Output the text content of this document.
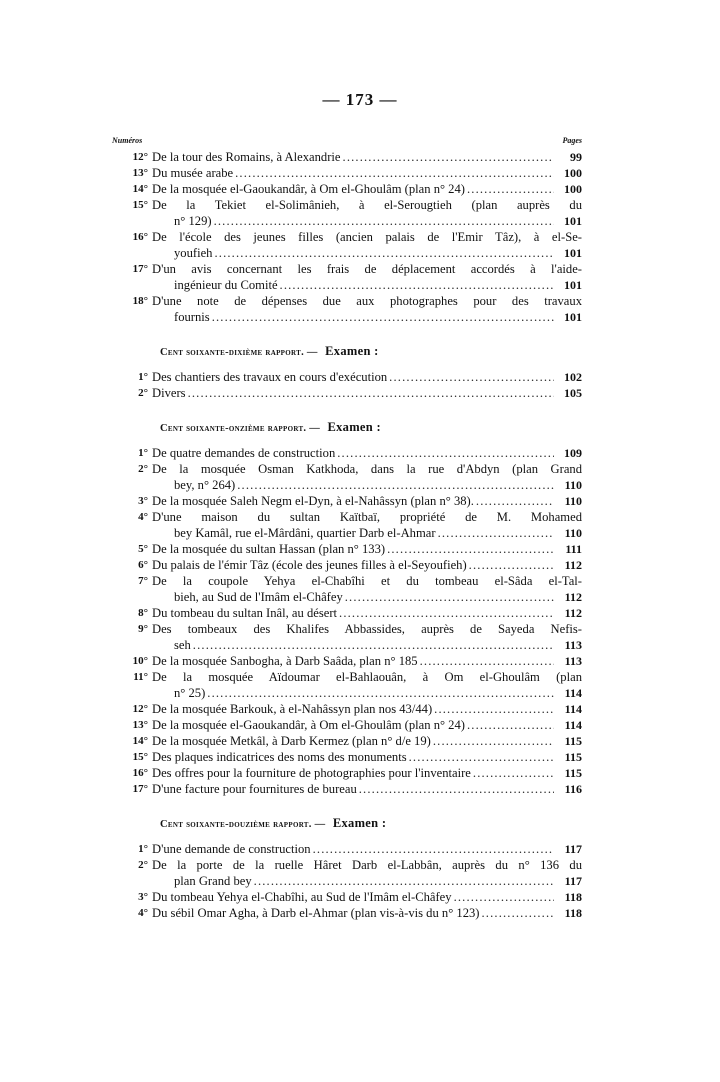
— 173 —
Numéros	Pages
12° De la tour des Romains, à Alexandrie . . .	99
13° Du musée arabe . . .	100
14° De la mosquée el-Gaoukandâr, à Om el-Ghoulâm (plan n° 24) . . .	100
15° De la Tekiet el-Solimânieh, à el-Serougtieh (plan auprès du
n° 129) . . .	101
16° De l'école des jeunes filles (ancien palais de l'Emir Tâz), à el-Se-
youfieh . . .	101
17° D'un avis concernant les frais de déplacement accordés à l'aide-
ingénieur du Comité . . .	101
18° D'une note de dépenses due aux photographes pour des travaux
fournis . . .	101
Cent soixante-dixième rapport. — Examen :
1° Des chantiers des travaux en cours d'exécution . . .	102
2° Divers . . .	105
Cent soixante-onzième rapport. — Examen :
1° De quatre demandes de construction . . .	109
2° De la mosquée Osman Katkhoda, dans la rue d'Abdyn (plan Grand
bey, n° 264) . . .	110
3° De la mosquée Saleh Negm el-Dyn, à el-Nahâssyn (plan n° 38). . . .	110
4° D'une maison du sultan Kaïtbaï, propriété de M. Mohamed
bey Kamâl, rue el-Mârdâni, quartier Darb el-Ahmar . . .	110
5° De la mosquée du sultan Hassan (plan n° 133) . . .	111
6° Du palais de l'émir Tâz (école des jeunes filles à el-Seyoufieh) . . .	112
7° De la coupole Yehya el-Chabîhi et du tombeau el-Sâda el-Tal-
bieh, au Sud de l'Imâm el-Châfey . . .	112
8° Du tombeau du sultan Inâl, au désert . . .	112
9° Des tombeaux des Khalifes Abbassides, auprès de Sayeda Nefis-
seh . . .	113
10° De la mosquée Sanbogha, à Darb Saâda, plan n° 185 . . .	113
11° De la mosquée Aïdoumar el-Bahlaouân, à Om el-Ghoulâm (plan
n° 25) . . .	114
12° De la mosquée Barkouk, à el-Nahâssyn plan nos 43/44) . . .	114
13° De la mosquée el-Gaoukandâr, à Om el-Ghoulâm (plan n° 24) . . .	114
14° De la mosquée Metkâl, à Darb Kermez (plan n° d/e 19) . . .	115
15° Des plaques indicatrices des noms des monuments . . .	115
16° Des offres pour la fourniture de photographies pour l'inventaire . . .	115
17° D'une facture pour fournitures de bureau . . .	116
Cent soixante-douzième rapport. — Examen :
1° D'une demande de construction . . .	117
2° De la porte de la ruelle Hâret Darb el-Labbân, auprès du n° 136 du
plan Grand bey . . .	117
3° Du tombeau Yehya el-Chabîhi, au Sud de l'Imâm el-Châfey . . .	118
4° Du sébil Omar Agha, à Darb el-Ahmar (plan vis-à-vis du n° 123) . . .	118
